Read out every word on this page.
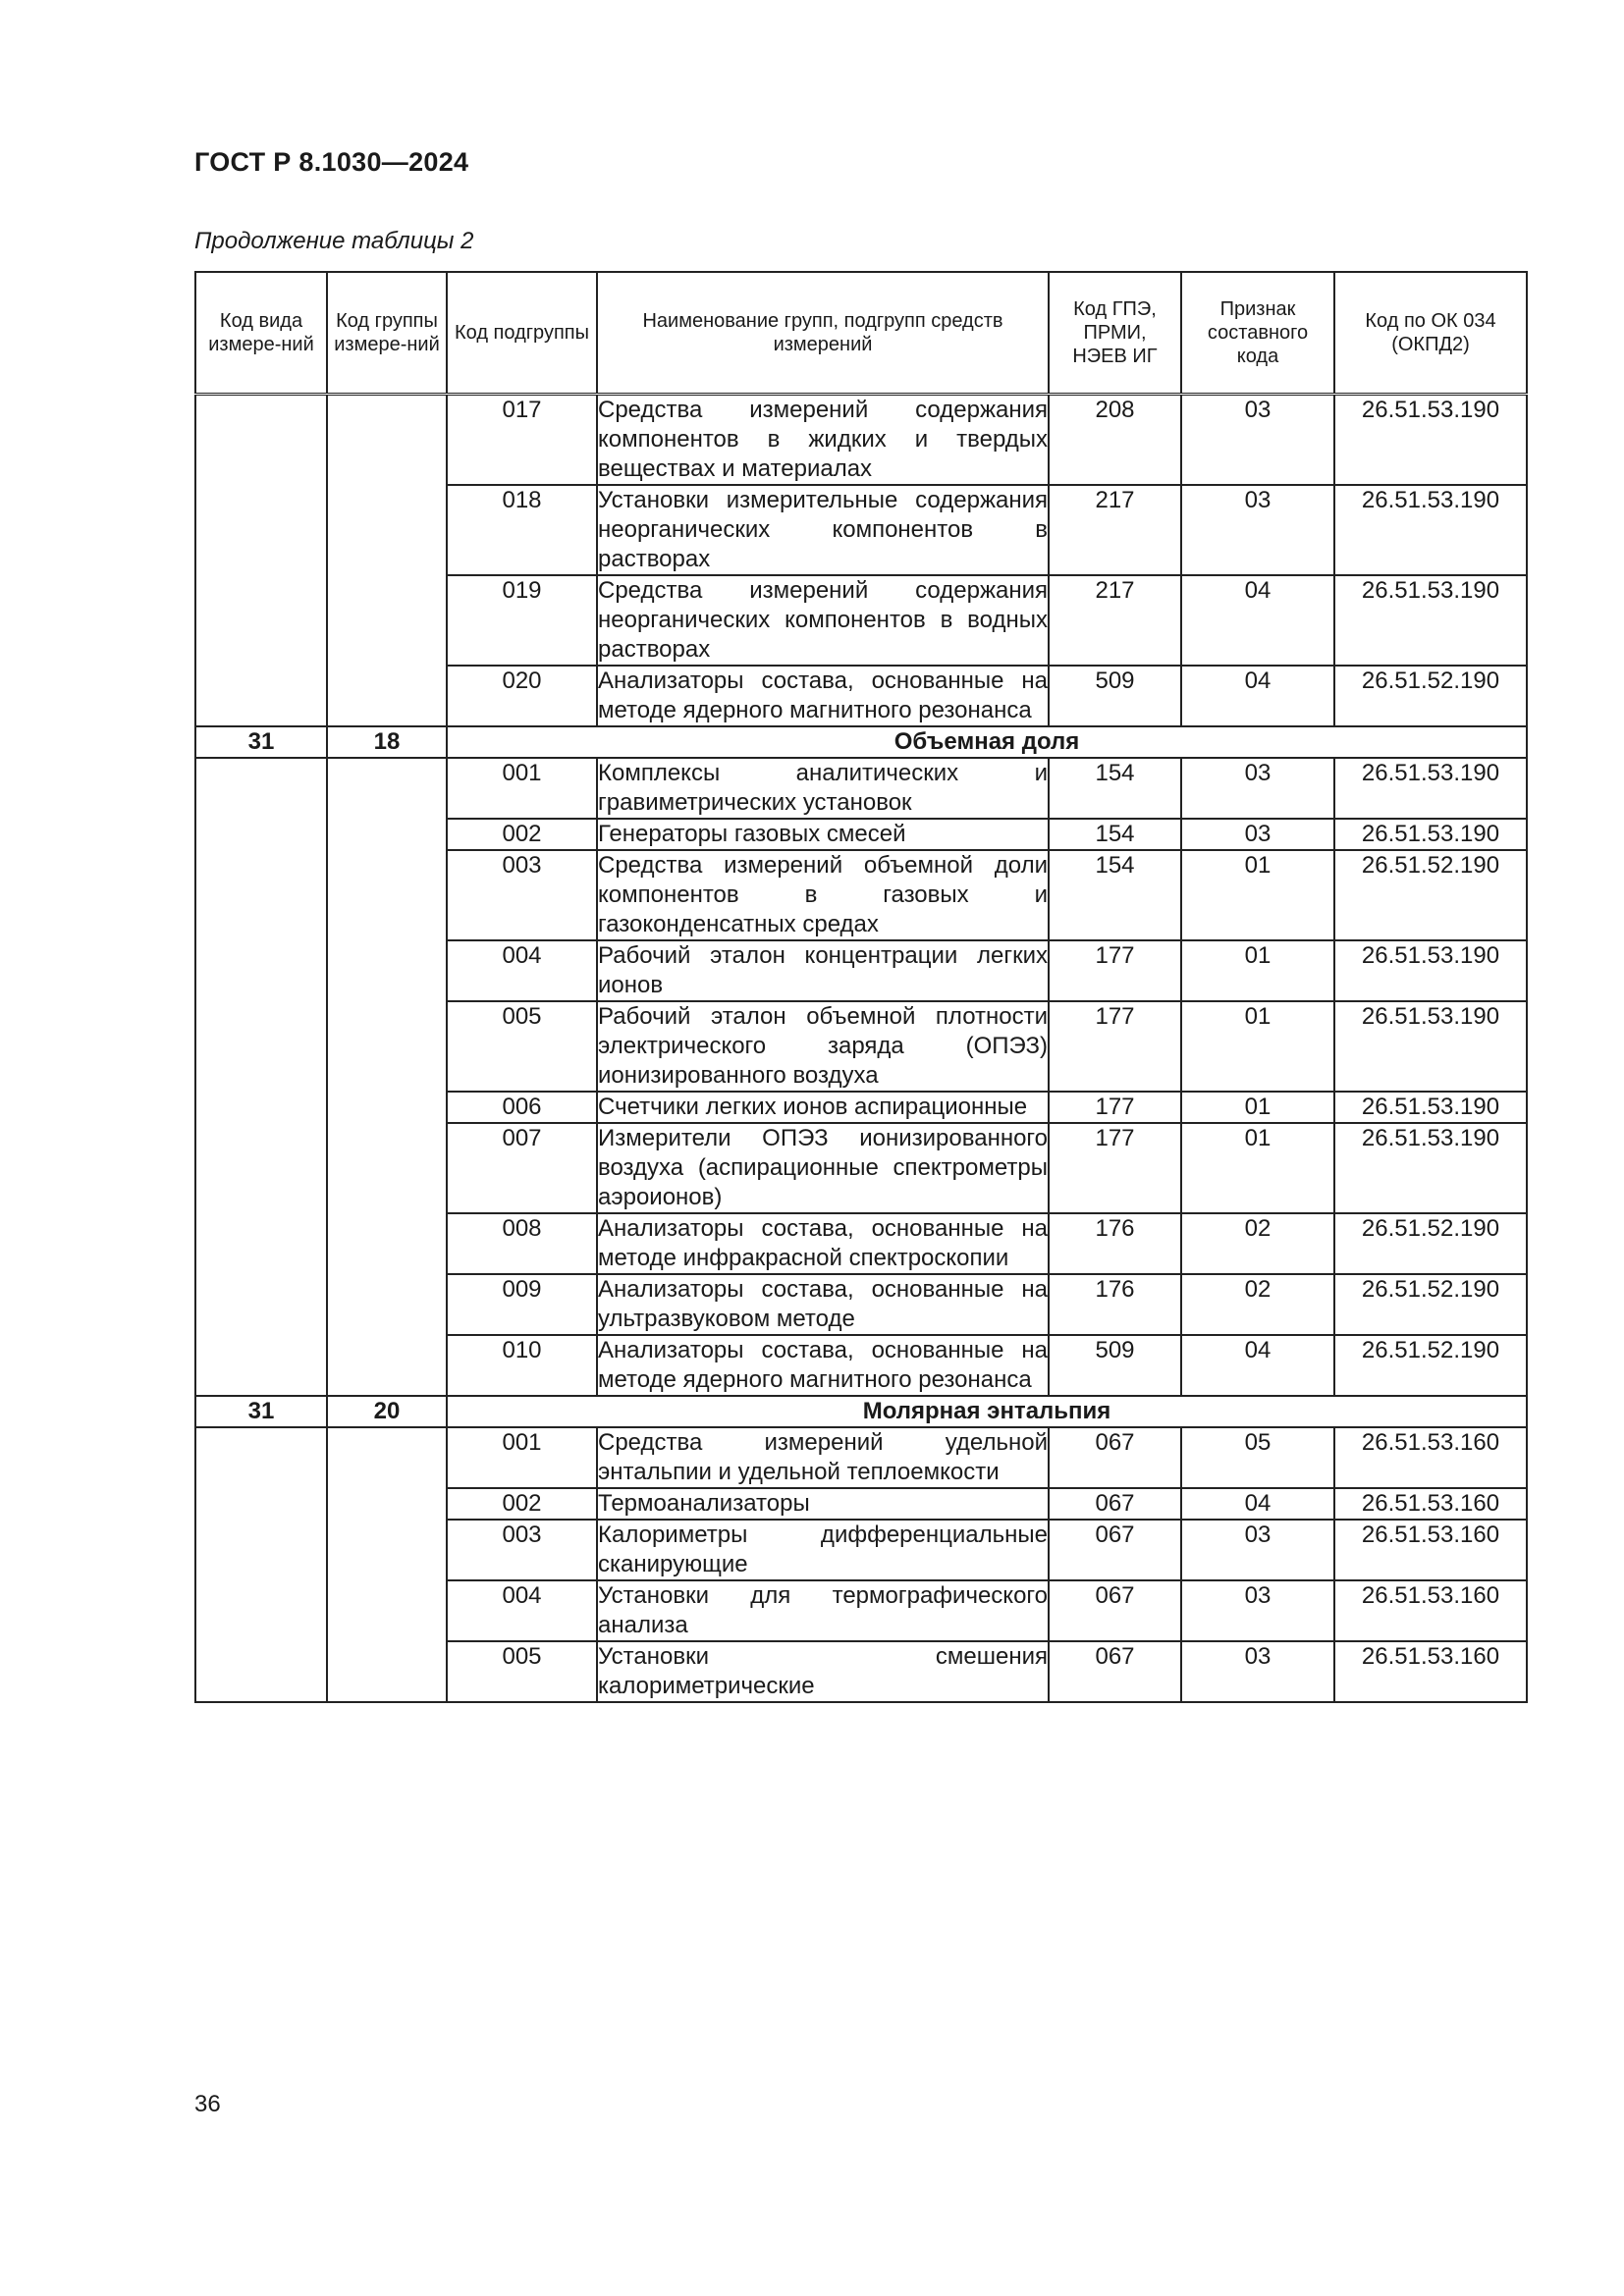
ГОСТ Р 8.1030—2024
Продолжение таблицы 2
Код вида измере-ний	Код группы измере-ний	Код подгруппы	Наименование групп, подгрупп средств измерений	Код ГПЭ, ПРМИ, НЭЕВ ИГ	Признак составного кода	Код по ОК 034 (ОКПД2)
		017	Средства измерений содержания компонентов в жидких и твердых веществах и материалах	208	03	26.51.53.190
		018	Установки измерительные содержания неорганических компонентов в растворах	217	03	26.51.53.190
		019	Средства измерений содержания неорганических компонентов в водных растворах	217	04	26.51.53.190
		020	Анализаторы состава, основанные на методе ядерного магнитного резонанса	509	04	26.51.52.190
31	18	Объемная доля				
		001	Комплексы аналитических и гравиметрических установок	154	03	26.51.53.190
		002	Генераторы газовых смесей	154	03	26.51.53.190
		003	Средства измерений объемной доли компонентов в газовых и газоконденсатных средах	154	01	26.51.52.190
		004	Рабочий эталон концентрации легких ионов	177	01	26.51.53.190
		005	Рабочий эталон объемной плотности электрического заряда (ОПЭЗ) ионизированного воздуха	177	01	26.51.53.190
		006	Счетчики легких ионов аспирационные	177	01	26.51.53.190
		007	Измерители ОПЭЗ ионизированного воздуха (аспирационные спектрометры аэроионов)	177	01	26.51.53.190
		008	Анализаторы состава, основанные на методе инфракрасной спектроскопии	176	02	26.51.52.190
		009	Анализаторы состава, основанные на ультразвуковом методе	176	02	26.51.52.190
		010	Анализаторы состава, основанные на методе ядерного магнитного резонанса	509	04	26.51.52.190
31	20	Молярная энтальпия				
		001	Средства измерений удельной энтальпии и удельной теплоемкости	067	05	26.51.53.160
		002	Термоанализаторы	067	04	26.51.53.160
		003	Калориметры дифференциальные сканирующие	067	03	26.51.53.160
		004	Установки для термографического анализа	067	03	26.51.53.160
		005	Установки смешения калориметрические	067	03	26.51.53.160
36
